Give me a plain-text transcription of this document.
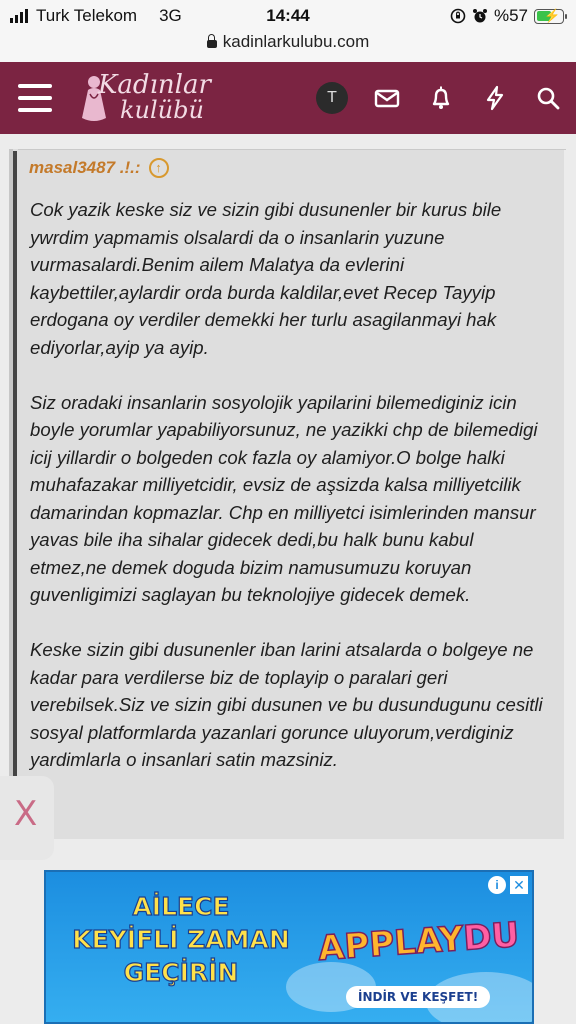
Turk Telekom 3G	14:44	%57 ⚡
kadinlarkulubu.com
Kadınlar
kulübü	T
masal3487 .!.:	↑

Cok yazik keske siz ve sizin gibi dusunenler bir kurus bile ywrdim yapmamis olsalardi da o insanlarin yuzune vurmasalardi.Benim ailem Malatya da evlerini kaybettiler,aylardir orda burda kaldilar,evet Recep Tayyip erdogana oy verdiler demekki her turlu asagilanmayi hak ediyorlar,ayip ya ayip.

Siz oradaki insanlarin sosyolojik yapilarini bilemediginiz icin boyle yorumlar yapabiliyorsunuz, ne yazikki chp de bilemedigi icij yillardir o bolgeden cok fazla oy alamiyor.O bolge halki muhafazakar milliyetcidir, evsiz de aşsizda kalsa milliyetcilik damarindan kopmazlar. Chp en milliyetci isimlerinden mansur yavas bile iha sihalar gidecek dedi,bu halk bunu kabul etmez,ne demek doguda bizim namusumuzu koruyan guvenligimizi saglayan bu teknolojiye gidecek demek.

Keske sizin gibi dusunenler iban larini atsalarda o bolgeye ne kadar para verdilerse biz de toplayip o paralari geri verebilsek.Siz ve sizin gibi dusunen ve bu dusundugunu cesitli sosyal platformlarda yazanlari gorunce uluyorum,verdiginiz yardimlarla o insanlari satin mazsiniz.

X
AİLECE
KEYİFLİ ZAMAN
GEÇİRİN
APPLAYDU
İNDİR VE KEŞFET!
i	✕
